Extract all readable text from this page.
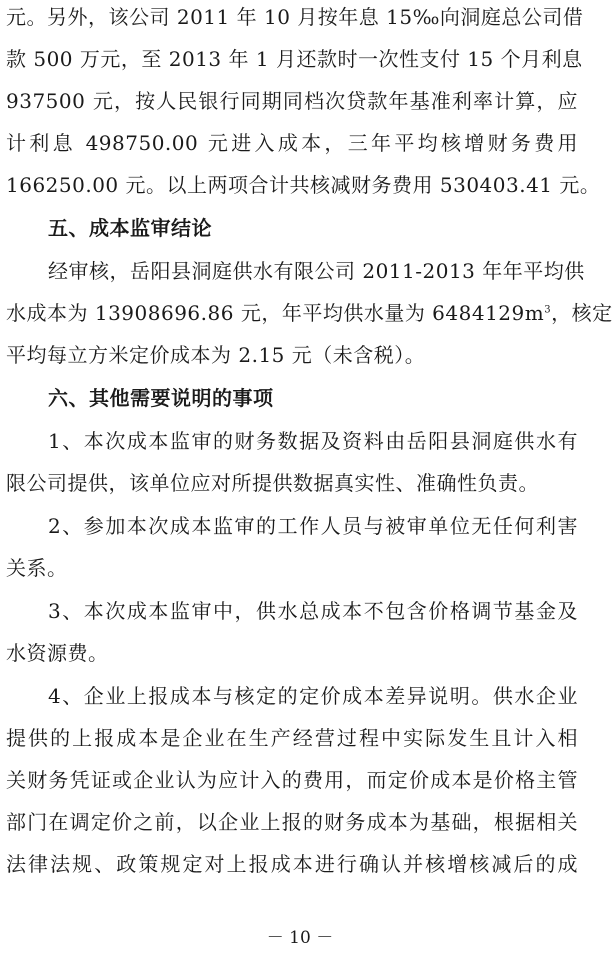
元。另外，该公司 2011 年 10 月按年息 15‰向洞庭总公司借
款 500 万元，至 2013 年 1 月还款时一次性支付 15 个月利息
937500 元，按人民银行同期同档次贷款年基准利率计算，应
计利息 498750.00 元进入成本，三年平均核增财务费用
166250.00 元。以上两项合计共核减财务费用 530403.41 元。
五、成本监审结论
经审核，岳阳县洞庭供水有限公司 2011-2013 年年平均供
水成本为 13908696.86 元，年平均供水量为 $6484129m^3$，核定
平均每立方米定价成本为 2.15 元（未含税）。
六、其他需要说明的事项
1、本次成本监审的财务数据及资料由岳阳县洞庭供水有
限公司提供，该单位应对所提供数据真实性、准确性负责。
2、参加本次成本监审的工作人员与被审单位无任何利害
关系。
3、本次成本监审中，供水总成本不包含价格调节基金及
水资源费。
4、企业上报成本与核定的定价成本差异说明。供水企业
提供的上报成本是企业在生产经营过程中实际发生且计入相
关财务凭证或企业认为应计入的费用，而定价成本是价格主管
部门在调定价之前，以企业上报的财务成本为基础，根据相关
法律法规、政策规定对上报成本进行确认并核增核减后的成
－ 10 －
